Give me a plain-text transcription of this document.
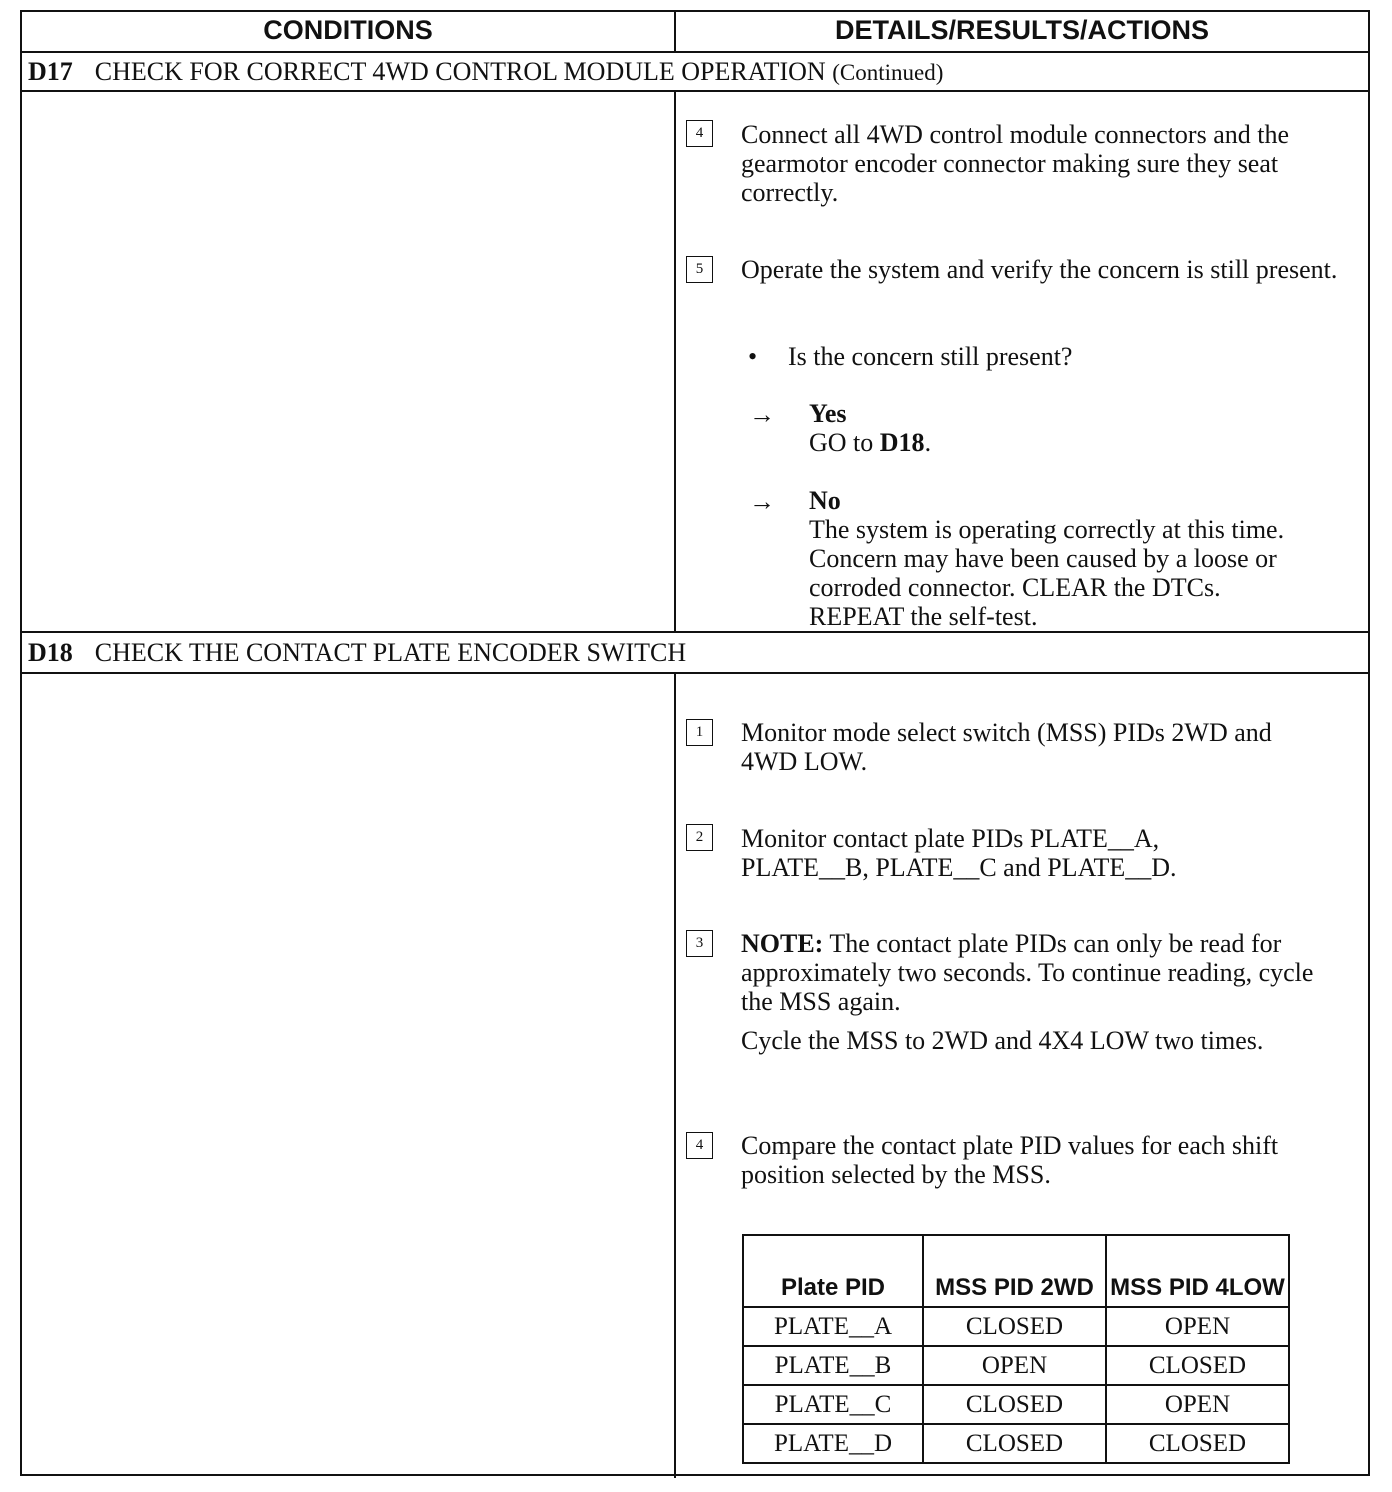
CONDITIONS	DETAILS/RESULTS/ACTIONS
D17 CHECK FOR CORRECT 4WD CONTROL MODULE OPERATION (Continued)
4	Connect all 4WD control module connectors and the gearmotor encoder connector making sure they seat correctly.
5	Operate the system and verify the concern is still present.
• Is the concern still present?
→ Yes
GO to D18.
→ No
The system is operating correctly at this time. Concern may have been caused by a loose or corroded connector. CLEAR the DTCs. REPEAT the self-test.
D18 CHECK THE CONTACT PLATE ENCODER SWITCH
1	Monitor mode select switch (MSS) PIDs 2WD and 4WD LOW.
2	Monitor contact plate PIDs PLATE__A, PLATE__B, PLATE__C and PLATE__D.
3	NOTE: The contact plate PIDs can only be read for approximately two seconds. To continue reading, cycle the MSS again.
Cycle the MSS to 2WD and 4X4 LOW two times.
4	Compare the contact plate PID values for each shift position selected by the MSS.
Plate PID	MSS PID 2WD	MSS PID 4LOW
PLATE__A	CLOSED	OPEN
PLATE__B	OPEN	CLOSED
PLATE__C	CLOSED	OPEN
PLATE__D	CLOSED	CLOSED
